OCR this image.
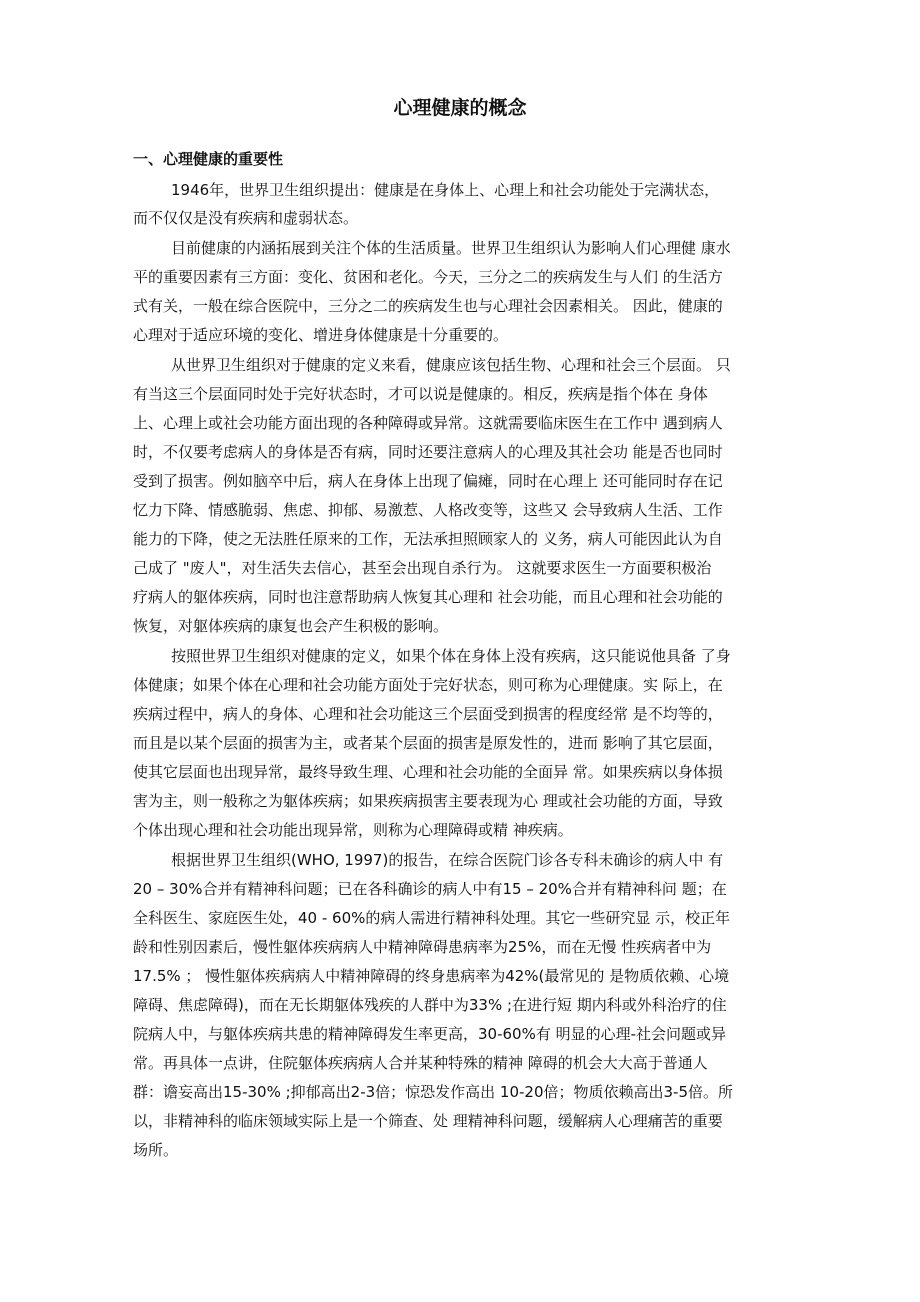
心理健康的概念
一、心理健康的重要性
1946年，世界卫生组织提出：健康是在身体上、心理上和社会功能处于完满状态，
而不仅仅是没有疾病和虚弱状态。
目前健康的内涵拓展到关注个体的生活质量。世界卫生组织认为影响人们心理健 康水
平的重要因素有三方面：变化、贫困和老化。今天，三分之二的疾病发生与人们 的生活方
式有关，一般在综合医院中，三分之二的疾病发生也与心理社会因素相关。 因此，健康的
心理对于适应环境的变化、增进身体健康是十分重要的。
从世界卫生组织对于健康的定义来看，健康应该包括生物、心理和社会三个层面。 只
有当这三个层面同时处于完好状态时，才可以说是健康的。相反，疾病是指个体在 身体
上、心理上或社会功能方面出现的各种障碍或异常。这就需要临床医生在工作中 遇到病人
时，不仅要考虑病人的身体是否有病，同时还要注意病人的心理及其社会功 能是否也同时
受到了损害。例如脑卒中后，病人在身体上出现了偏瘫，同时在心理上 还可能同时存在记
忆力下降、情感脆弱、焦虑、抑郁、易激惹、人格改变等，这些又 会导致病人生活、工作
能力的下降，使之无法胜任原来的工作，无法承担照顾家人的 义务，病人可能因此认为自
己成了 "废人"，对生活失去信心，甚至会出现自杀行为。 这就要求医生一方面要积极治
疗病人的躯体疾病，同时也注意帮助病人恢复其心理和 社会功能，而且心理和社会功能的
恢复，对躯体疾病的康复也会产生积极的影响。
按照世界卫生组织对健康的定义，如果个体在身体上没有疾病，这只能说他具备 了身
体健康；如果个体在心理和社会功能方面处于完好状态，则可称为心理健康。实 际上，在
疾病过程中，病人的身体、心理和社会功能这三个层面受到损害的程度经常 是不均等的，
而且是以某个层面的损害为主，或者某个层面的损害是原发性的，进而 影响了其它层面，
使其它层面也出现异常，最终导致生理、心理和社会功能的全面异 常。如果疾病以身体损
害为主，则一般称之为躯体疾病；如果疾病损害主要表现为心 理或社会功能的方面，导致
个体出现心理和社会功能出现异常，则称为心理障碍或精 神疾病。
根据世界卫生组织(WHO, 1997)的报告，在综合医院门诊各专科未确诊的病人中 有
20 – 30%合并有精神科问题；已在各科确诊的病人中有15 – 20%合并有精神科问 题；在
全科医生、家庭医生处，40 - 60%的病人需进行精神科处理。其它一些研究显 示，校正年
龄和性别因素后，慢性躯体疾病病人中精神障碍患病率为25%，而在无慢 性疾病者中为
17.5% ； 慢性躯体疾病病人中精神障碍的终身患病率为42%(最常见的 是物质依赖、心境
障碍、焦虑障碍)，而在无长期躯体残疾的人群中为33% ;在进行短 期内科或外科治疗的住
院病人中，与躯体疾病共患的精神障碍发生率更高，30-60%有 明显的心理-社会问题或异
常。再具体一点讲，住院躯体疾病病人合并某种特殊的精神 障碍的机会大大高于普通人
群：谵妄高出15-30% ;抑郁高出2-3倍；惊恐发作高出 10-20倍；物质依赖高出3-5倍。所
以，非精神科的临床领域实际上是一个筛查、处 理精神科问题，缓解病人心理痛苦的重要
场所。
